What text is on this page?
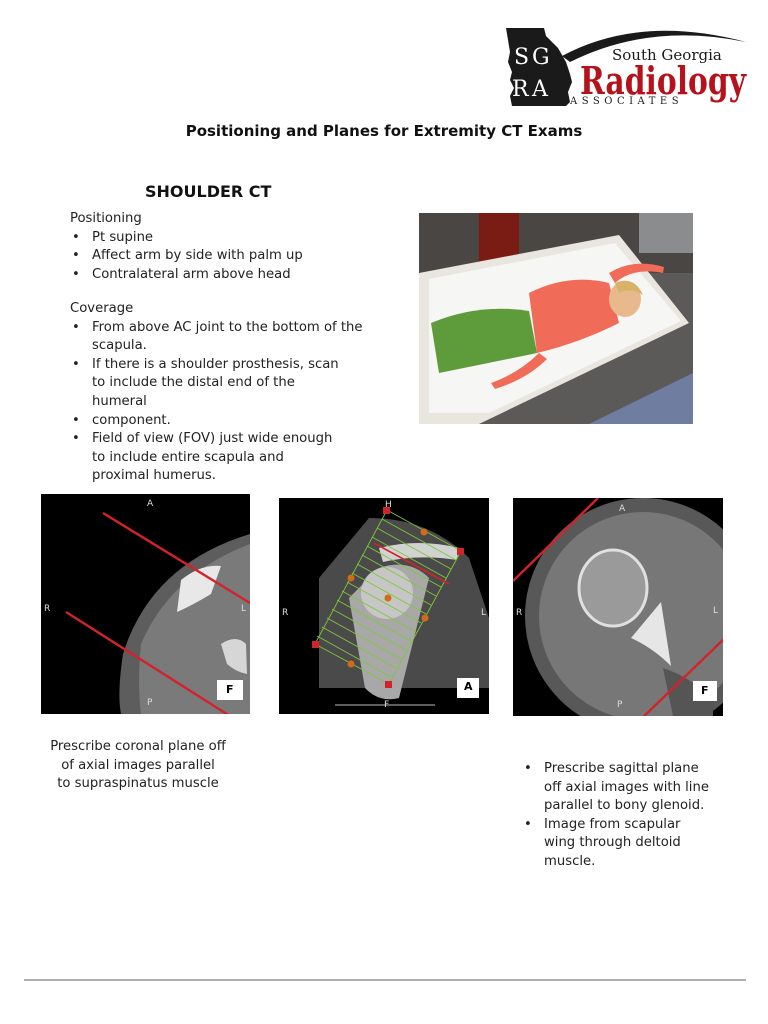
S G
R A
South Georgia
Radiology
ASSOCIATES
Positioning and Planes for Extremity CT Exams
SHOULDER CT
Positioning
• Pt supine
• Affect arm by side with palm up
• Contralateral arm above head
Coverage
• From above AC joint to the bottom of the scapula.
• If there is a shoulder prosthesis, scan to include the distal end of the humeral
• component.
• Field of view (FOV) just wide enough to include entire scapula and proximal humerus.
A
R	L
P
F
H
R	L
F
A
A
R	L
P
F
Prescribe coronal plane off
of axial images parallel
to supraspinatus muscle
• Prescribe sagittal plane off axial images with line parallel to bony glenoid.
• Image from scapular wing through deltoid muscle.
